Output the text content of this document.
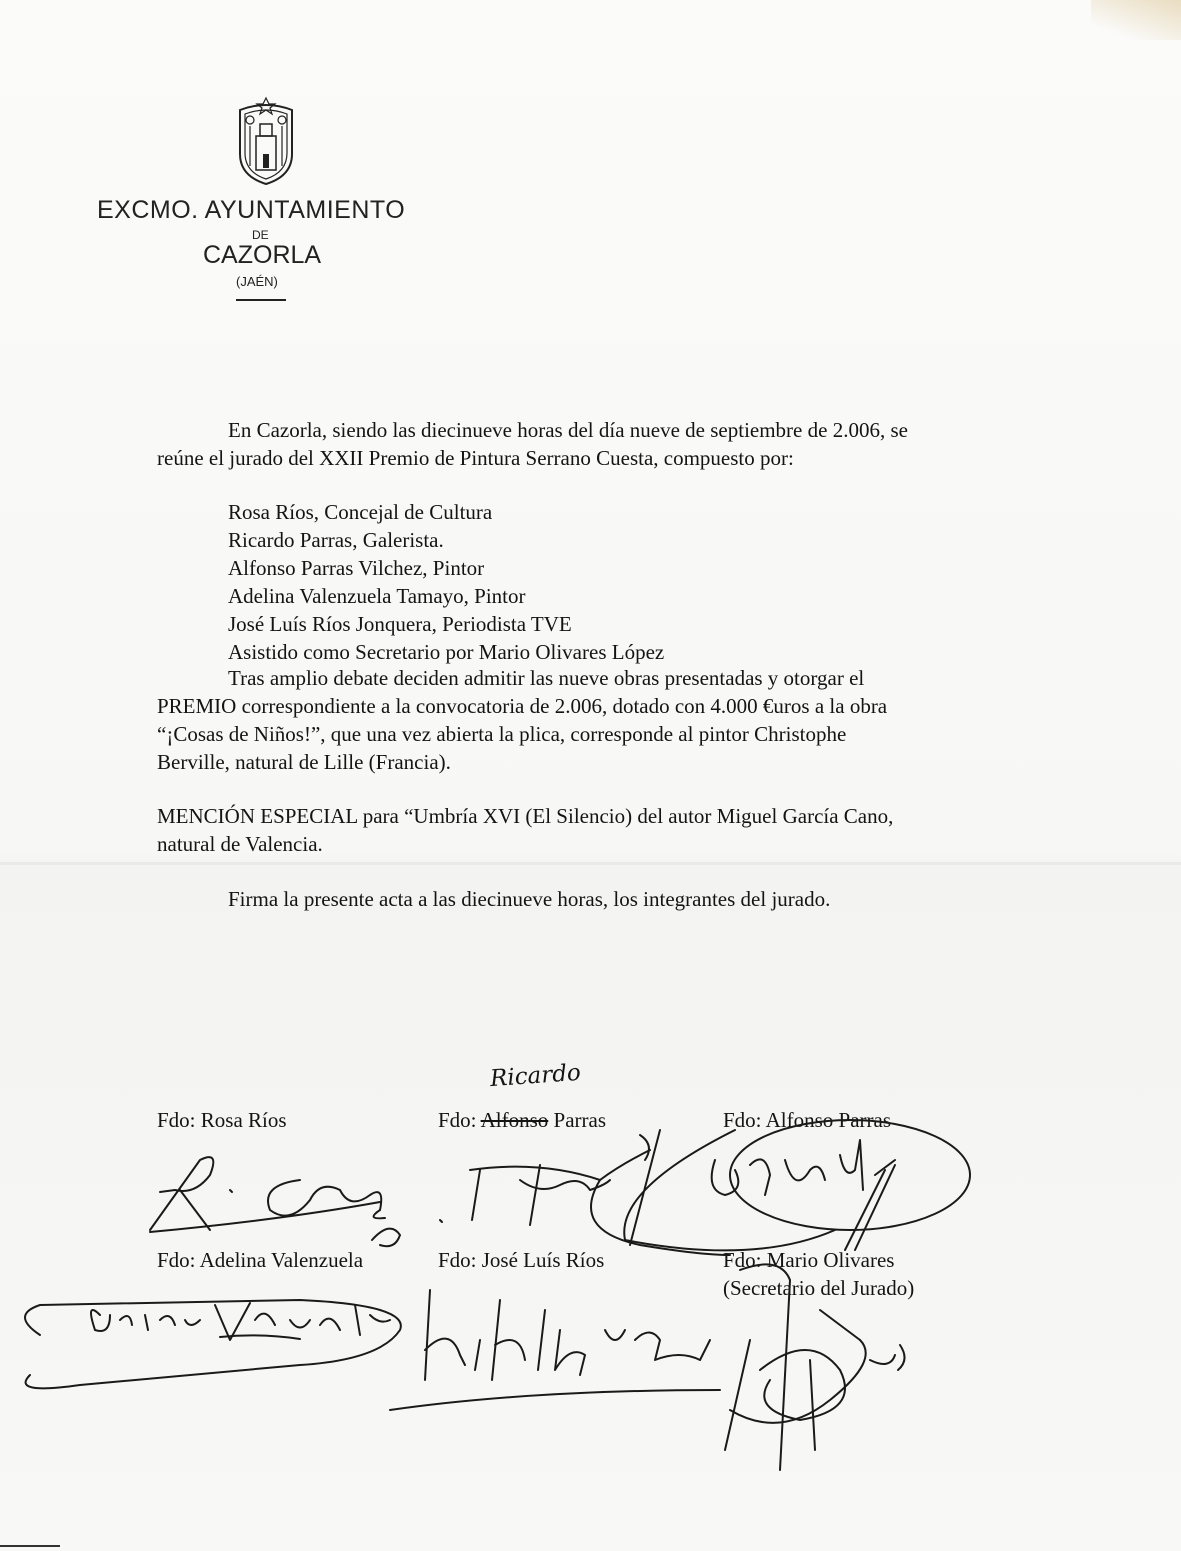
EXCMO. AYUNTAMIENTO
DE
CAZORLA
(JAÉN)
En Cazorla, siendo las diecinueve horas del día nueve de septiembre de 2.006, se
reúne el jurado del XXII Premio de Pintura Serrano Cuesta, compuesto por:
Rosa Ríos, Concejal de Cultura
Ricardo Parras, Galerista.
Alfonso Parras Vilchez, Pintor
Adelina Valenzuela Tamayo, Pintor
José Luís Ríos Jonquera, Periodista TVE
Asistido como Secretario por Mario Olivares López
Tras amplio debate deciden admitir las nueve obras presentadas y otorgar el
PREMIO correspondiente a la convocatoria de 2.006, dotado con 4.000 €uros a la obra
“¡Cosas de Niños!”, que una vez abierta la plica, corresponde al pintor Christophe
Berville, natural de Lille (Francia).
MENCIÓN ESPECIAL para “Umbría XVI (El Silencio) del autor Miguel García Cano,
natural de Valencia.
Firma la presente acta a las diecinueve horas, los integrantes del jurado.
Ricardo
Fdo: Rosa Ríos	Fdo: Alfonso Parras	Fdo: Alfonso Parras
Fdo: Adelina Valenzuela	Fdo: José Luís Ríos	Fdo: Mario Olivares
(Secretario del Jurado)
